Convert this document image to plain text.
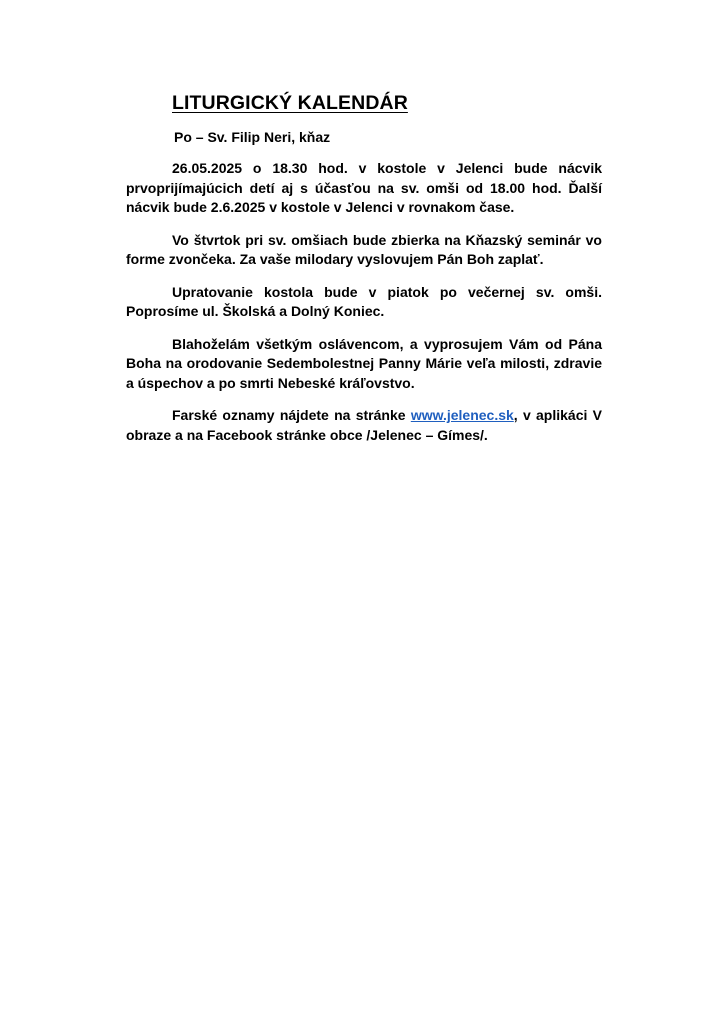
LITURGICKÝ KALENDÁR

Po – Sv. Filip Neri, kňaz

26.05.2025 o 18.30 hod. v kostole v Jelenci bude nácvik prvoprijímajúcich detí aj s účasťou na sv. omši od 18.00 hod. Ďalší nácvik bude 2.6.2025 v kostole v Jelenci v rovnakom čase.

Vo štvrtok pri sv. omšiach bude zbierka na Kňazský seminár vo forme zvončeka. Za vaše milodary vyslovujem Pán Boh zaplať.

Upratovanie kostola bude v piatok po večernej sv. omši. Poprosíme ul. Školská a Dolný Koniec.

Blahoželám všetkým oslávencom, a vyprosujem Vám od Pána Boha na orodovanie Sedembolestnej Panny Márie veľa milosti, zdravie a úspechov a po smrti Nebeské kráľovstvo.

Farské oznamy nájdete na stránke www.jelenec.sk, v aplikáci V obraze a na Facebook stránke obce /Jelenec – Gímes/.
